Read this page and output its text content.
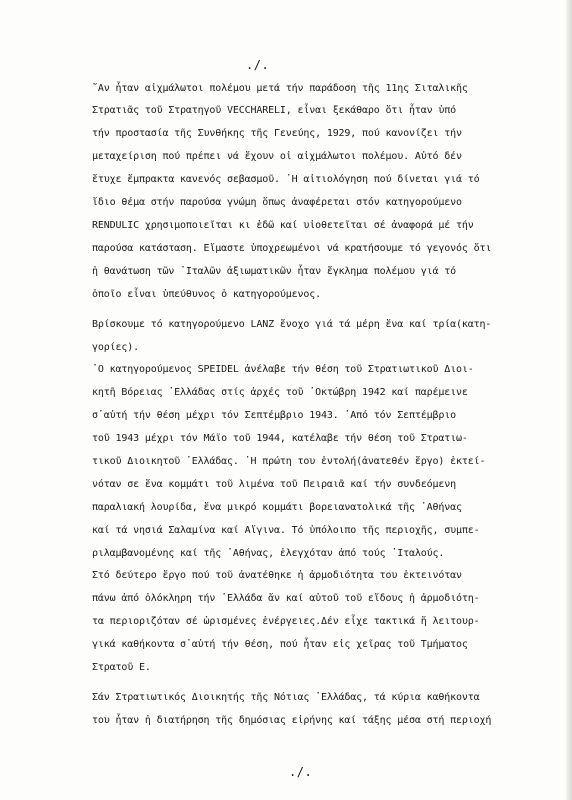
./.
῎Αν ἦταν αἰχμάλωτοι πολέμου μετά τήν παράδοση τῆς 11ης Σιταλικῆς
Στρατιᾶς τοῦ Στρατηγοῦ VECCHARELI, εἶναι ξεκάθαρο ὅτι ἦταν ὑπό
τήν προστασία τῆς Συνθήκης τῆς Γενεύης, 1929, πού κανονίζει τήν
μεταχείριση πού πρέπει νά ἔχουν οἱ αἰχμάλωτοι πολέμου. Αὐτό δέν
ἔτυχε ἔμπρακτα κανενός σεβασμοῦ. ῾Η αἰτιολόγηση πού δίνεται γιά τό
ἴδιο θέμα στήν παρούσα γνώμη ὅπως ἀναφέρεται στόν κατηγορούμενο
RENDULIC χρησιμοποιεῖται κι ἐδῶ καί υἱοθετεῖται σέ ἀναφορά μέ τήν
παρούσα κατάσταση. Εἴμαστε ὑποχρεωμένοι νά κρατήσουμε τό γεγονός ὅτι
ἡ θανάτωση τῶν ᾽Ιταλῶν ἀξιωματικῶν ἦταν ἔγκλημα πολέμου γιά τό
ὁποῖο εἶναι ὑπεύθυνος ὁ κατηγορούμενος.
Βρίσκουμε τό κατηγορούμενο LANZ ἔνοχο γιά τά μέρη ἕνα καί τρία(κατη-
γορίες).
᾽Ο κατηγορούμενος SPEIDEL ἀνέλαβε τήν θέση τοῦ Στρατιωτικοῦ Διοι-
κητῆ Βόρειας ᾽Ελλάδας στίς ἀρχές τοῦ ᾽Οκτώβρη 1942 καί παρέμεινε
σ᾽αὐτή τήν θέση μέχρι τόν Σεπτέμβριο 1943. ᾽Από τόν Σεπτέμβριο
τοῦ 1943 μέχρι τόν Μάϊο τοῦ 1944, κατέλαβε τήν θέση τοῦ Στρατιω-
τικοῦ Διοικητοῦ ᾽Ελλάδας. ῾Η πρώτη του ἐντολή(ἀνατεθέν ἔργο) ἐκτεί-
νόταν σε ἕνα κομμάτι τοῦ λιμένα τοῦ Πειραιᾶ καί τήν συνδεόμενη
παραλιακή λουρίδα, ἕνα μικρό κομμάτι βορειανατολικά τῆς ᾽Αθήνας
καί τά νησιά Σαλαμίνα καί Αἴγινα. Τό ὑπόλοιπο τῆς περιοχῆς, συμπε-
ριλαμβανομένης καί τῆς ᾽Αθήνας, ἐλεγχόταν ἀπό τούς ᾽Ιταλούς.
Στό δεύτερο ἔργο πού τοῦ ἀνατέθηκε ἡ ἁρμοδιότητα του ἐκτεινόταν
πάνω ἀπό ὁλόκληρη τήν ᾽Ελλάδα ἄν καί αὐτοῦ τοῦ εἴδους ἡ ἁρμοδιότη-
τα περιοριζόταν σέ ὡρισμένες ἐνέργειες.Δέν εἶχε τακτικά ἤ λειτουρ-
γικά καθήκοντα σ᾽αὐτή τήν θέση, πού ἦταν εἰς χεῖρας τοῦ Τμήματος
Στρατοῦ Ε.
Σάν Στρατιωτικός Διοικητής τῆς Νότιας ᾽Ελλάδας, τά κύρια καθήκοντα
του ἦταν ἡ διατήρηση τῆς δημόσιας εἰρήνης καί τάξης μέσα στή περιοχή
./.
